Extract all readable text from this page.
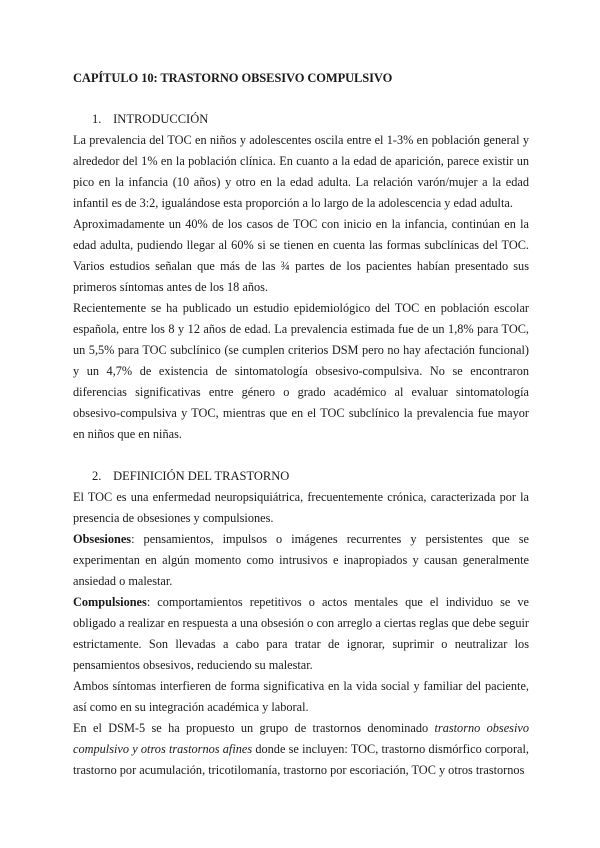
CAPÍTULO 10: TRASTORNO OBSESIVO COMPULSIVO

1. INTRODUCCIÓN

La prevalencia del TOC en niños y adolescentes oscila entre el 1-3% en población general y alrededor del 1% en la población clínica. En cuanto a la edad de aparición, parece existir un pico en la infancia (10 años) y otro en la edad adulta. La relación varón/mujer a la edad infantil es de 3:2, igualándose esta proporción a lo largo de la adolescencia y edad adulta.

Aproximadamente un 40% de los casos de TOC con inicio en la infancia, continúan en la edad adulta, pudiendo llegar al 60% si se tienen en cuenta las formas subclínicas del TOC. Varios estudios señalan que más de las ¾ partes de los pacientes habían presentado sus primeros síntomas antes de los 18 años.

Recientemente se ha publicado un estudio epidemiológico del TOC en población escolar española, entre los 8 y 12 años de edad. La prevalencia estimada fue de un 1,8% para TOC, un 5,5% para TOC subclínico (se cumplen criterios DSM pero no hay afectación funcional) y un 4,7% de existencia de sintomatología obsesivo-compulsiva. No se encontraron diferencias significativas entre género o grado académico al evaluar sintomatología obsesivo-compulsiva y TOC, mientras que en el TOC subclínico la prevalencia fue mayor en niños que en niñas.

2. DEFINICIÓN DEL TRASTORNO

El TOC es una enfermedad neuropsiquiátrica, frecuentemente crónica, caracterizada por la presencia de obsesiones y compulsiones.

Obsesiones: pensamientos, impulsos o imágenes recurrentes y persistentes que se experimentan en algún momento como intrusivos e inapropiados y causan generalmente ansiedad o malestar.

Compulsiones: comportamientos repetitivos o actos mentales que el individuo se ve obligado a realizar en respuesta a una obsesión o con arreglo a ciertas reglas que debe seguir estrictamente. Son llevadas a cabo para tratar de ignorar, suprimir o neutralizar los pensamientos obsesivos, reduciendo su malestar.

Ambos síntomas interfieren de forma significativa en la vida social y familiar del paciente, así como en su integración académica y laboral.

En el DSM-5 se ha propuesto un grupo de trastornos denominado trastorno obsesivo compulsivo y otros trastornos afines donde se incluyen: TOC, trastorno dismórfico corporal, trastorno por acumulación, tricotilomanía, trastorno por escoriación, TOC y otros trastornos
